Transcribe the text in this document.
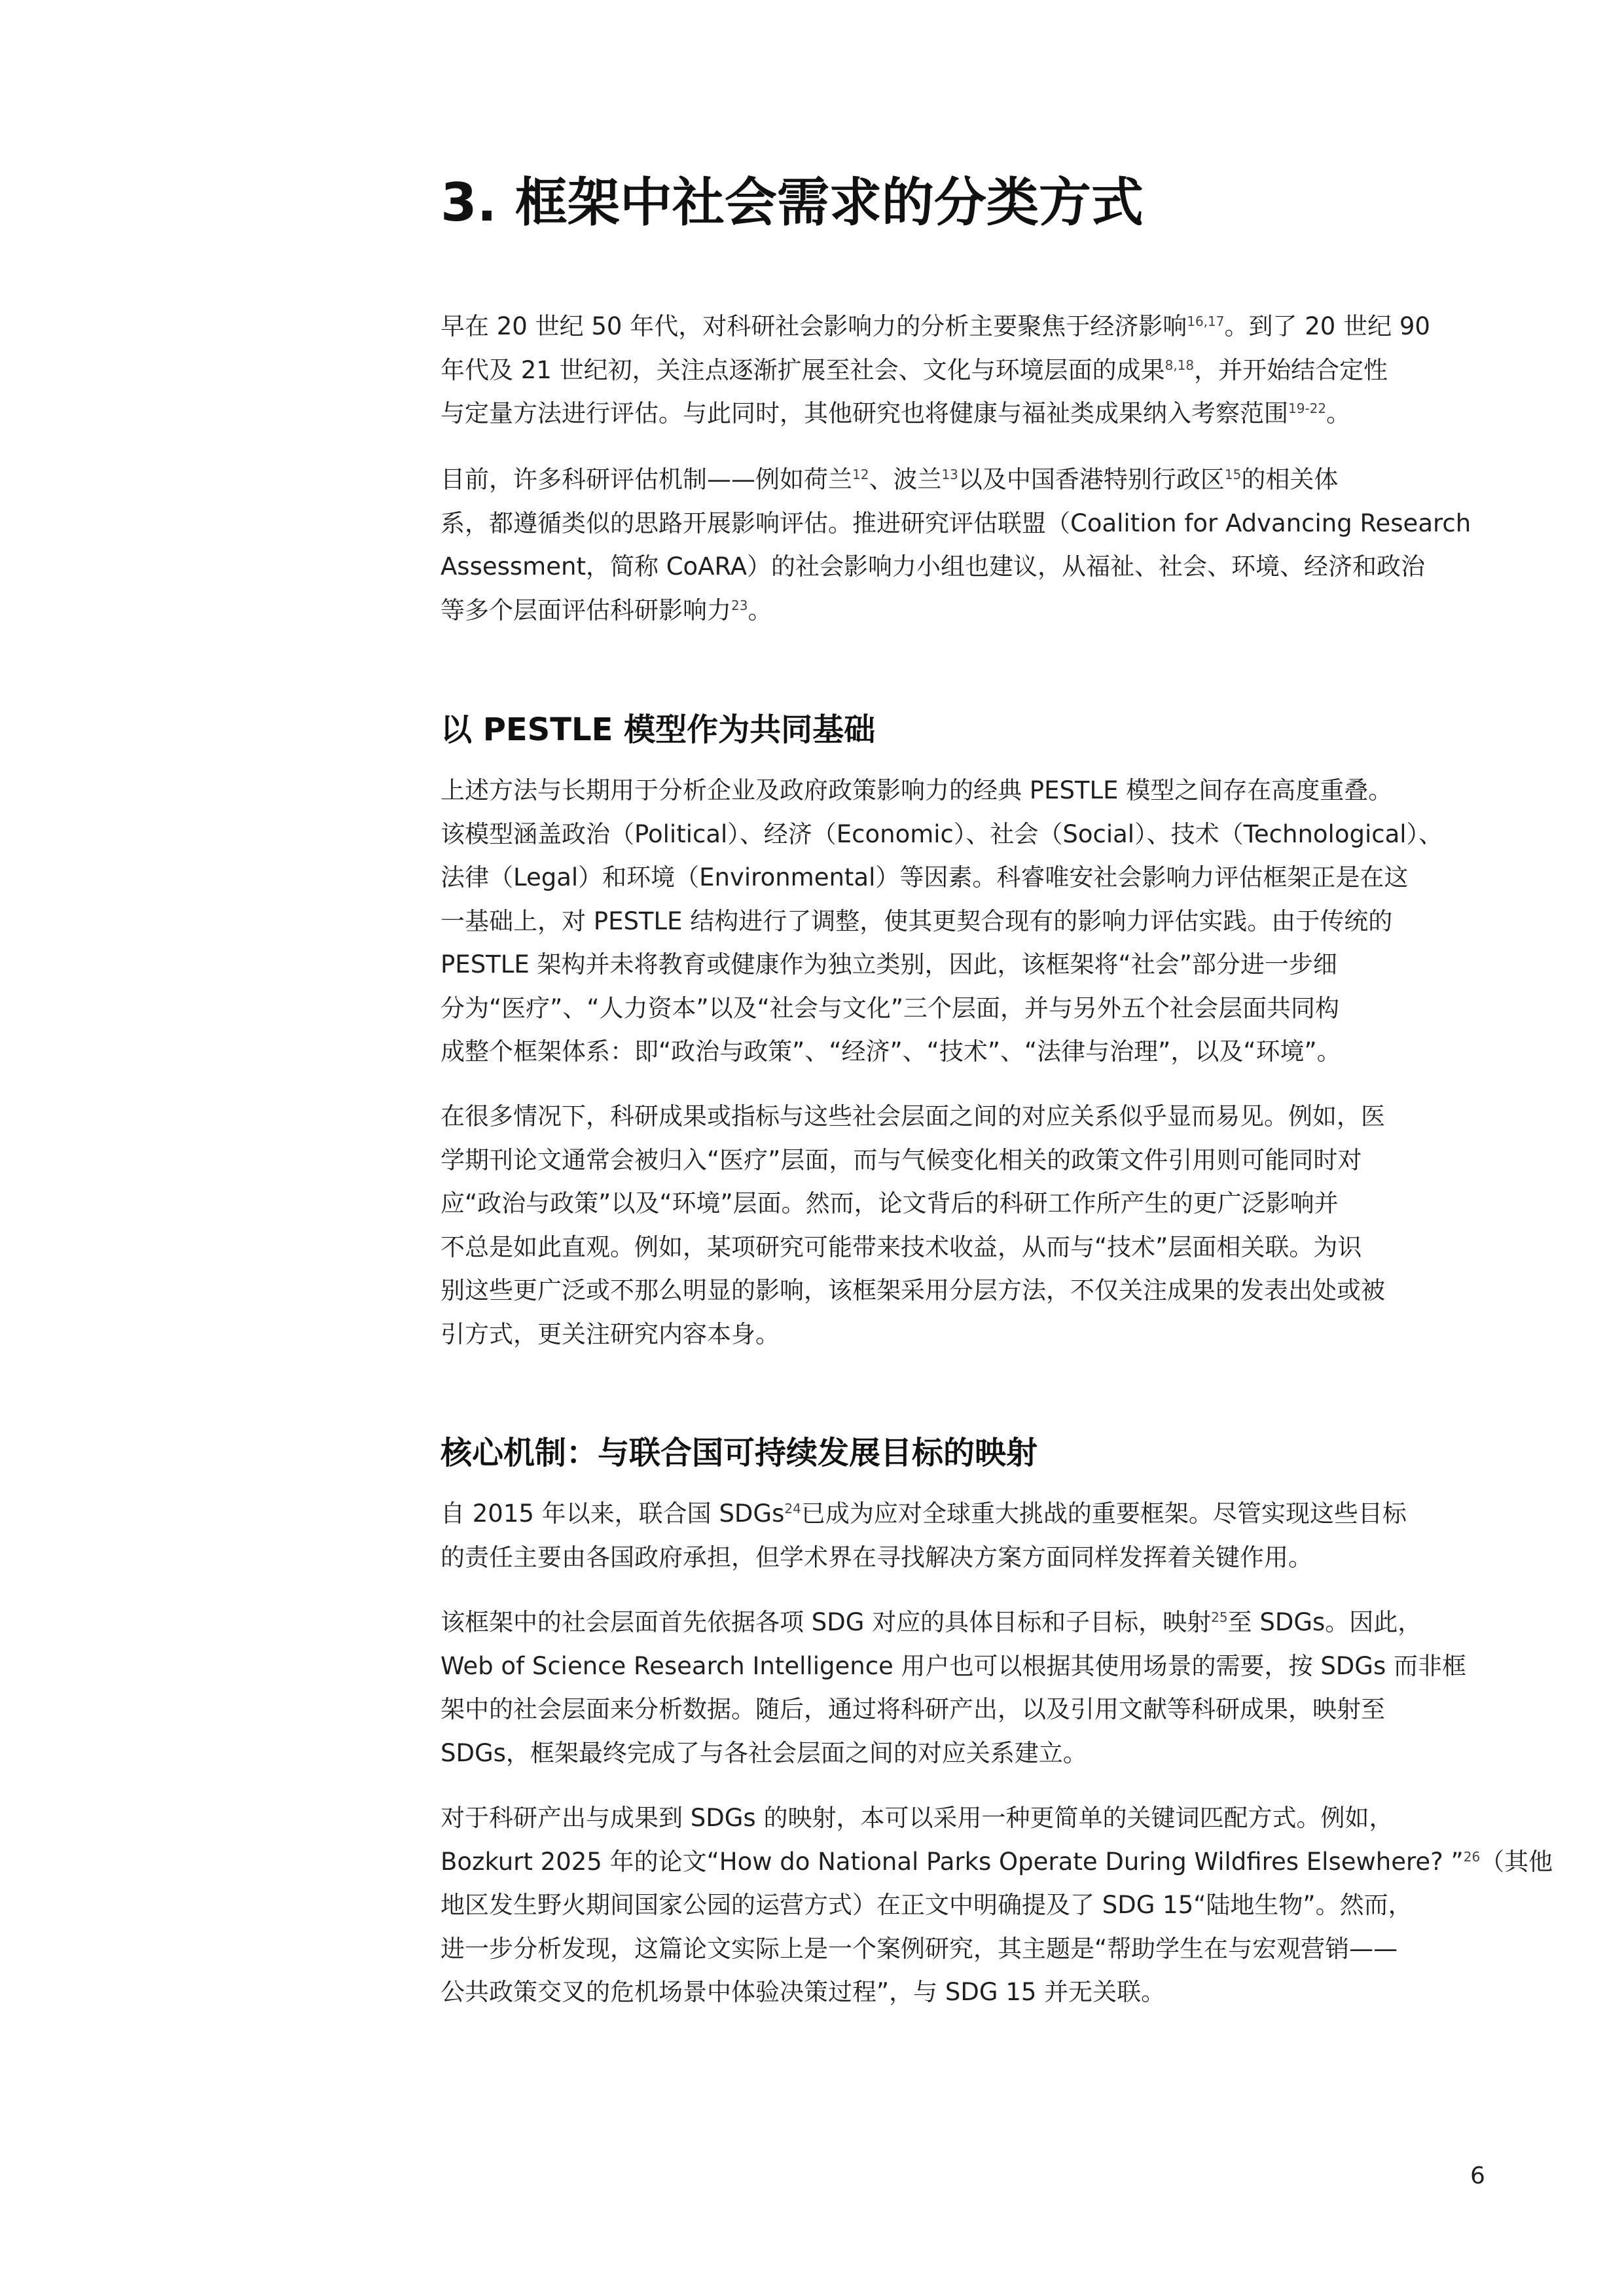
3. 框架中社会需求的分类方式
早在 20 世纪 50 年代，对科研社会影响力的分析主要聚焦于经济影响$^{16,17}$。到了 20 世纪 90
年代及 21 世纪初，关注点逐渐扩展至社会、文化与环境层面的成果$^{8,18}$，并开始结合定性
与定量方法进行评估。与此同时，其他研究也将健康与福祉类成果纳入考察范围$^{19-22}$。
目前，许多科研评估机制——例如荷兰$^{12}$、波兰$^{13}$以及中国香港特别行政区$^{15}$的相关体
系，都遵循类似的思路开展影响评估。推进研究评估联盟（Coalition for Advancing Research
Assessment，简称 CoARA）的社会影响力小组也建议，从福祉、社会、环境、经济和政治
等多个层面评估科研影响力$^{23}$。
以 PESTLE 模型作为共同基础
上述方法与长期用于分析企业及政府政策影响力的经典 PESTLE 模型之间存在高度重叠。
该模型涵盖政治（Political）、经济（Economic）、社会（Social）、技术（Technological）、
法律（Legal）和环境（Environmental）等因素。科睿唯安社会影响力评估框架正是在这
一基础上，对 PESTLE 结构进行了调整，使其更契合现有的影响力评估实践。由于传统的
PESTLE 架构并未将教育或健康作为独立类别，因此，该框架将“社会”部分进一步细
分为“医疗”、“人力资本”以及“社会与文化”三个层面，并与另外五个社会层面共同构
成整个框架体系：即“政治与政策”、“经济”、“技术”、“法律与治理”，以及“环境”。
在很多情况下，科研成果或指标与这些社会层面之间的对应关系似乎显而易见。例如，医
学期刊论文通常会被归入“医疗”层面，而与气候变化相关的政策文件引用则可能同时对
应“政治与政策”以及“环境”层面。然而，论文背后的科研工作所产生的更广泛影响并
不总是如此直观。例如，某项研究可能带来技术收益，从而与“技术”层面相关联。为识
别这些更广泛或不那么明显的影响，该框架采用分层方法，不仅关注成果的发表出处或被
引方式，更关注研究内容本身。
核心机制：与联合国可持续发展目标的映射
自 2015 年以来，联合国 SDGs$^{24}$已成为应对全球重大挑战的重要框架。尽管实现这些目标
的责任主要由各国政府承担，但学术界在寻找解决方案方面同样发挥着关键作用。
该框架中的社会层面首先依据各项 SDG 对应的具体目标和子目标，映射$^{25}$至 SDGs。因此，
Web of Science Research Intelligence 用户也可以根据其使用场景的需要，按 SDGs 而非框
架中的社会层面来分析数据。随后，通过将科研产出，以及引用文献等科研成果，映射至
SDGs，框架最终完成了与各社会层面之间的对应关系建立。
对于科研产出与成果到 SDGs 的映射，本可以采用一种更简单的关键词匹配方式。例如，
Bozkurt 2025 年的论文“How do National Parks Operate During Wildfires Elsewhere? ”$^{26}$（其他
地区发生野火期间国家公园的运营方式）在正文中明确提及了 SDG 15“陆地生物”。然而，
进一步分析发现，这篇论文实际上是一个案例研究，其主题是“帮助学生在与宏观营销——
公共政策交叉的危机场景中体验决策过程”，与 SDG 15 并无关联。
6
